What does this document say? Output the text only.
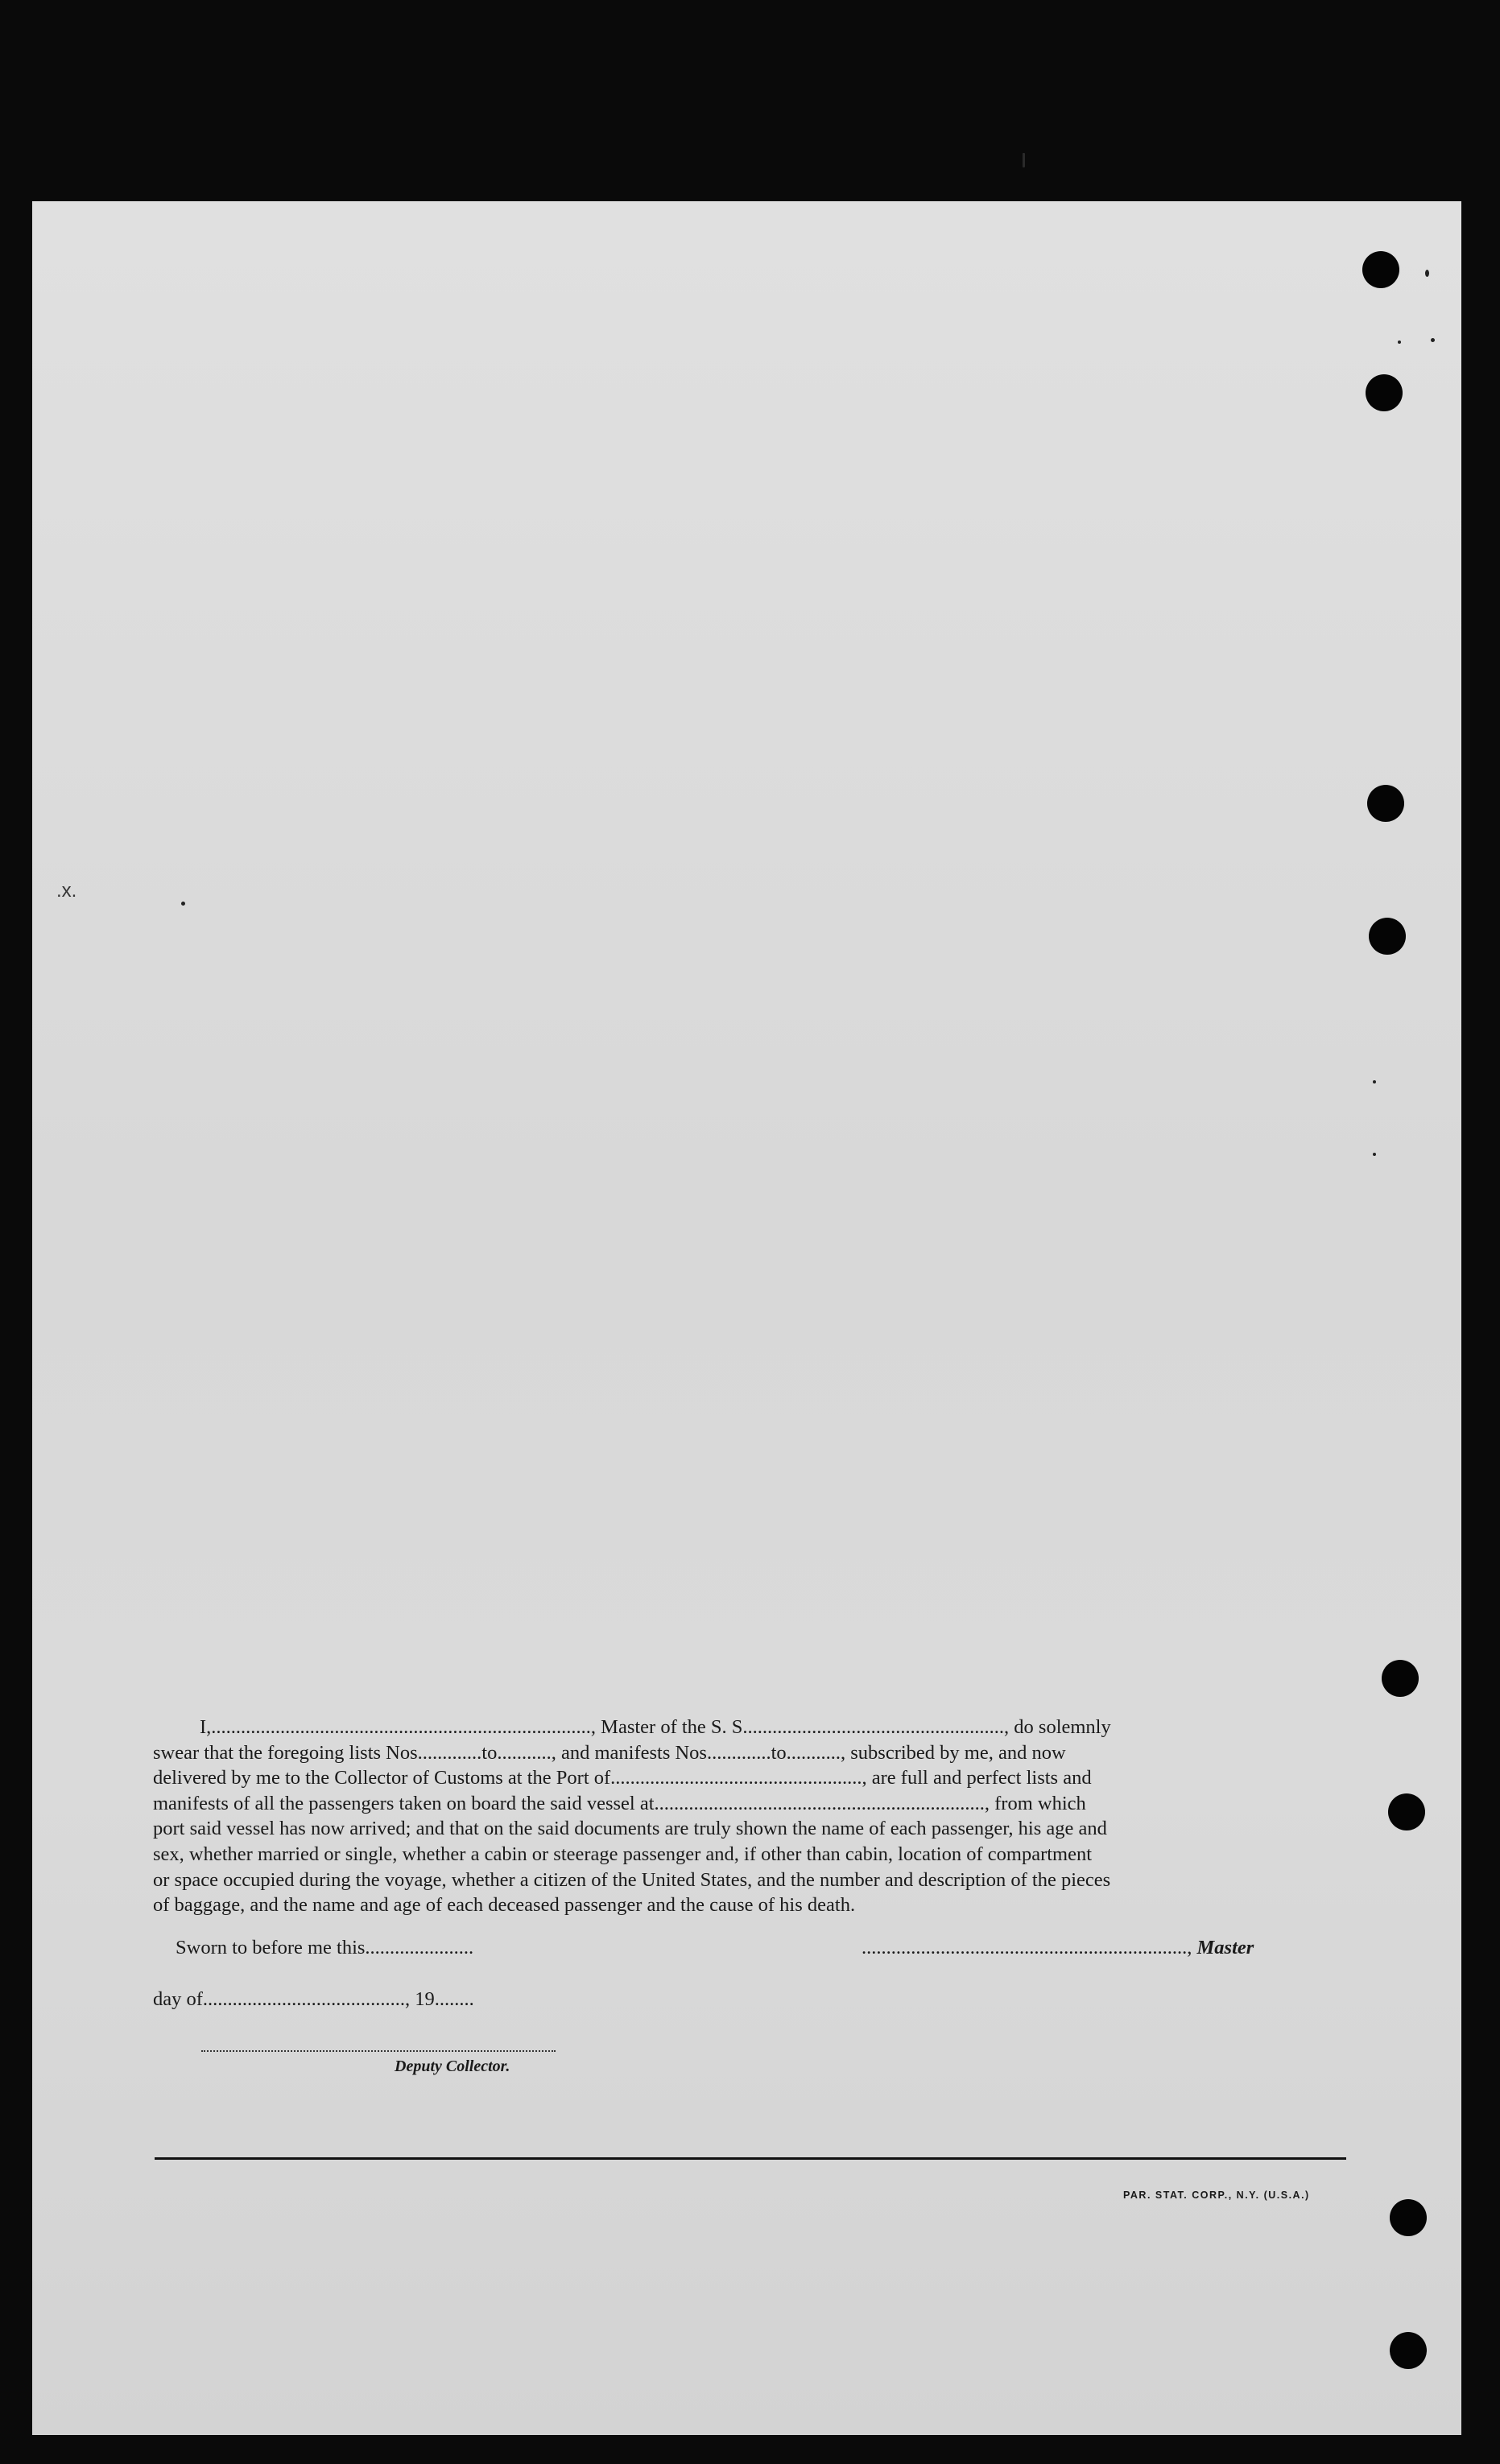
.x.
I,............................................................................., Master of the S. S....................................................., do solemnly
swear that the foregoing lists Nos.............to..........., and manifests Nos.............to..........., subscribed by me, and now
delivered by me to the Collector of Customs at the Port of..................................................., are full and perfect lists and
manifests of all the passengers taken on board the said vessel at..................................................................., from which
port said vessel has now arrived; and that on the said documents are truly shown the name of each passenger, his age and
sex, whether married or single, whether a cabin or steerage passenger and, if other than cabin, location of compartment
or space occupied during the voyage, whether a citizen of the United States, and the number and description of the pieces
of baggage, and the name and age of each deceased passenger and the cause of his death.
Sworn to before me this......................	.................................................................., Master
day of........................................., 19........
Deputy Collector.
PAR. STAT. CORP., N.Y. (U.S.A.)
